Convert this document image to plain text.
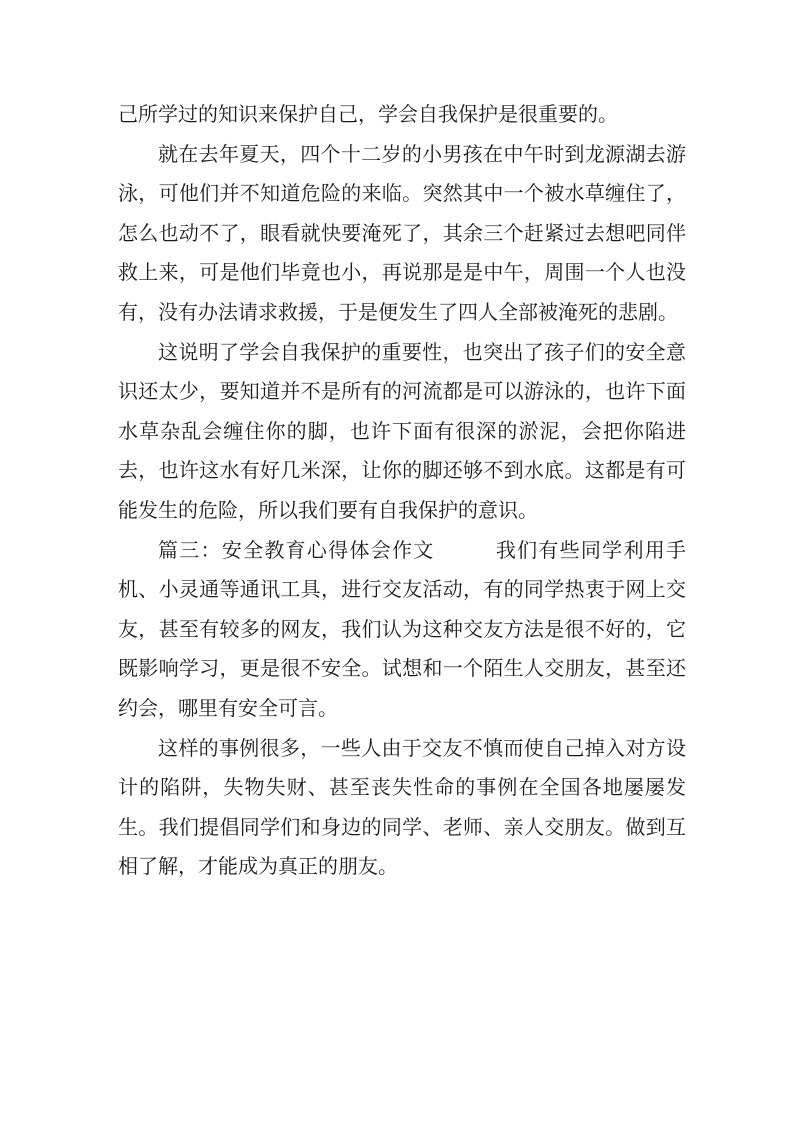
己所学过的知识来保护自己，学会自我保护是很重要的。

就在去年夏天，四个十二岁的小男孩在中午时到龙源湖去游泳，可他们并不知道危险的来临。突然其中一个被水草缠住了，怎么也动不了，眼看就快要淹死了，其余三个赶紧过去想吧同伴救上来，可是他们毕竟也小，再说那是是中午，周围一个人也没有，没有办法请求救援，于是便发生了四人全部被淹死的悲剧。

这说明了学会自我保护的重要性，也突出了孩子们的安全意识还太少，要知道并不是所有的河流都是可以游泳的，也许下面水草杂乱会缠住你的脚，也许下面有很深的淤泥，会把你陷进去，也许这水有好几米深，让你的脚还够不到水底。这都是有可能发生的危险，所以我们要有自我保护的意识。

篇三：安全教育心得体会作文	我们有些同学利用手机、小灵通等通讯工具，进行交友活动，有的同学热衷于网上交友，甚至有较多的网友，我们认为这种交友方法是很不好的，它既影响学习，更是很不安全。试想和一个陌生人交朋友，甚至还约会，哪里有安全可言。

这样的事例很多，一些人由于交友不慎而使自己掉入对方设计的陷阱，失物失财、甚至丧失性命的事例在全国各地屡屡发生。我们提倡同学们和身边的同学、老师、亲人交朋友。做到互相了解，才能成为真正的朋友。
